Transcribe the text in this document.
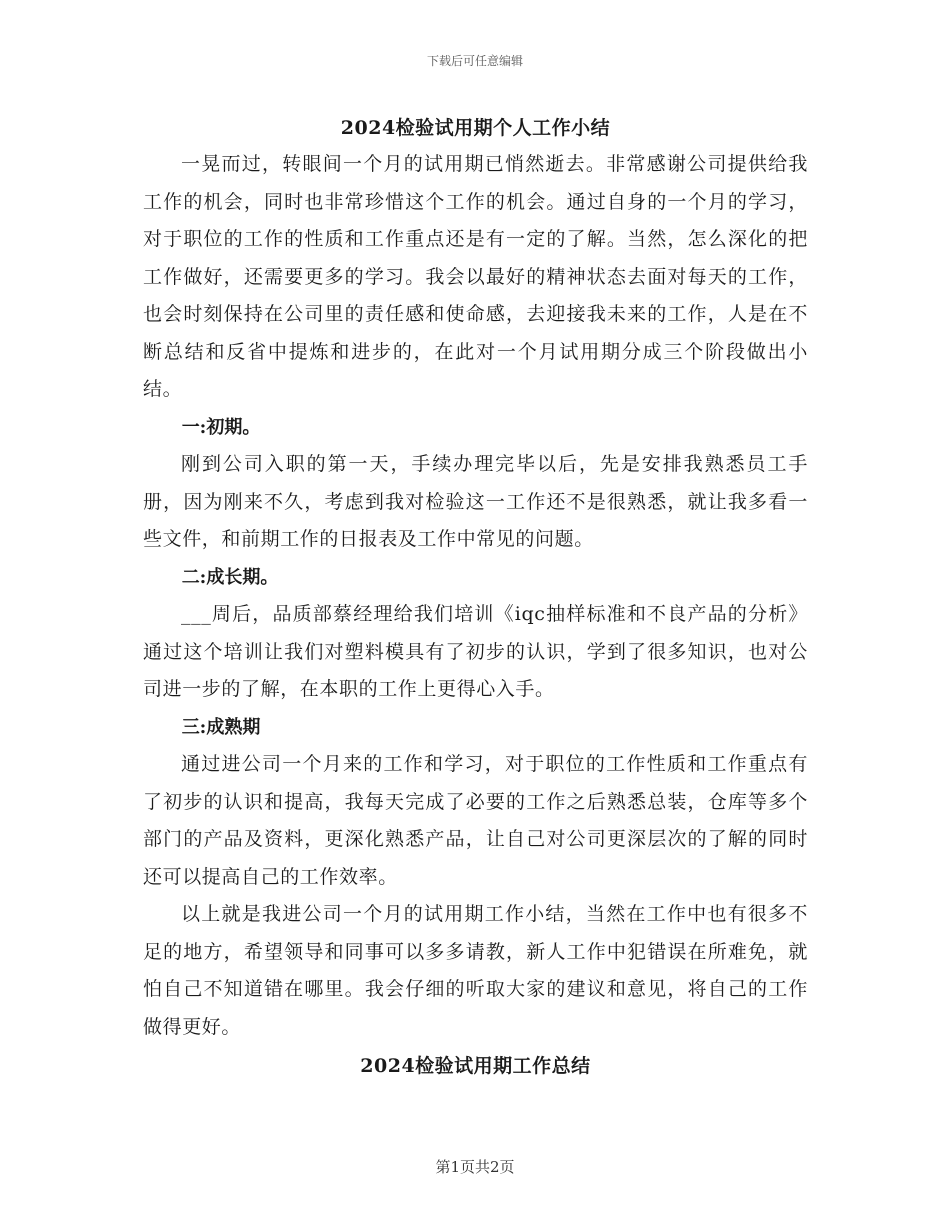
下载后可任意编辑
2024检验试用期个人工作小结

一晃而过，转眼间一个月的试用期已悄然逝去。非常感谢公司提供给我工作的机会，同时也非常珍惜这个工作的机会。通过自身的一个月的学习，对于职位的工作的性质和工作重点还是有一定的了解。当然，怎么深化的把工作做好，还需要更多的学习。我会以最好的精神状态去面对每天的工作，也会时刻保持在公司里的责任感和使命感，去迎接我未来的工作，人是在不断总结和反省中提炼和进步的，在此对一个月试用期分成三个阶段做出小结。

一:初期。

刚到公司入职的第一天，手续办理完毕以后，先是安排我熟悉员工手册，因为刚来不久，考虑到我对检验这一工作还不是很熟悉，就让我多看一些文件，和前期工作的日报表及工作中常见的问题。

二:成长期。

___周后，品质部蔡经理给我们培训《iqc抽样标准和不良产品的分析》通过这个培训让我们对塑料模具有了初步的认识，学到了很多知识，也对公司进一步的了解，在本职的工作上更得心入手。

三:成熟期

通过进公司一个月来的工作和学习，对于职位的工作性质和工作重点有了初步的认识和提高，我每天完成了必要的工作之后熟悉总装，仓库等多个部门的产品及资料，更深化熟悉产品，让自己对公司更深层次的了解的同时还可以提高自己的工作效率。

以上就是我进公司一个月的试用期工作小结，当然在工作中也有很多不足的地方，希望领导和同事可以多多请教，新人工作中犯错误在所难免，就怕自己不知道错在哪里。我会仔细的听取大家的建议和意见，将自己的工作做得更好。

2024检验试用期工作总结
第1页共2页
